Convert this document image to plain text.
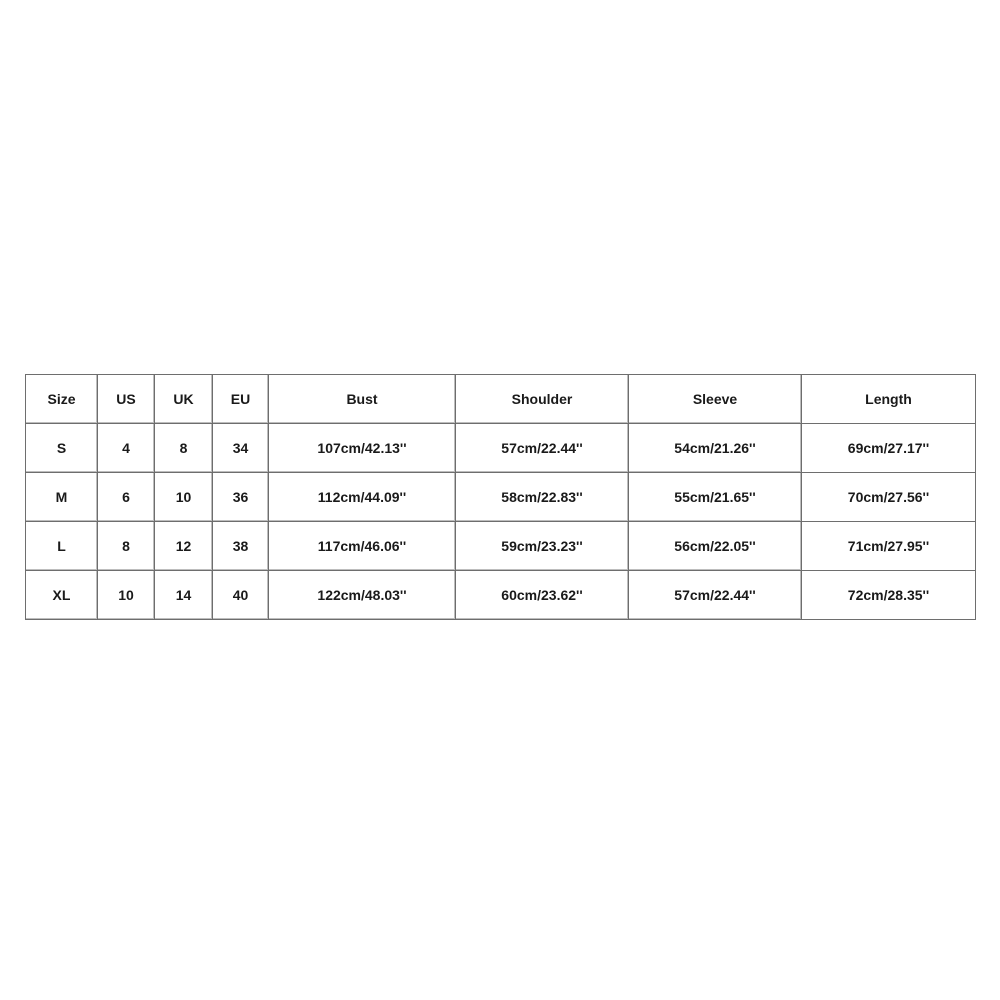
Size	US	UK	EU	Bust	Shoulder	Sleeve	Length
S	4	8	34	107cm/42.13''	57cm/22.44''	54cm/21.26''	69cm/27.17''
M	6	10	36	112cm/44.09''	58cm/22.83''	55cm/21.65''	70cm/27.56''
L	8	12	38	117cm/46.06''	59cm/23.23''	56cm/22.05''	71cm/27.95''
XL	10	14	40	122cm/48.03''	60cm/23.62''	57cm/22.44''	72cm/28.35''
